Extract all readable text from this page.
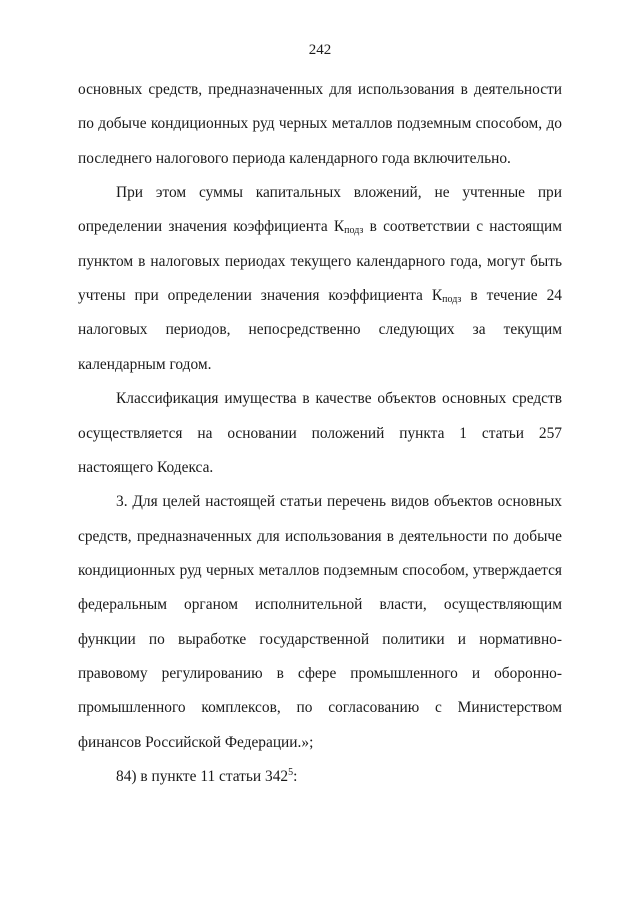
242

основных средств, предназначенных для использования в деятельности по добыче кондиционных руд черных металлов подземным способом, до последнего налогового периода календарного года включительно.

При этом суммы капитальных вложений, не учтенные при определении значения коэффициента $К_{подз}$ в соответствии с настоящим пунктом в налоговых периодах текущего календарного года, могут быть учтены при определении значения коэффициента $К_{подз}$ в течение 24 налоговых периодов, непосредственно следующих за текущим календарным годом.

Классификация имущества в качестве объектов основных средств осуществляется на основании положений пункта 1 статьи 257 настоящего Кодекса.

3. Для целей настоящей статьи перечень видов объектов основных средств, предназначенных для использования в деятельности по добыче кондиционных руд черных металлов подземным способом, утверждается федеральным органом исполнительной власти, осуществляющим функции по выработке государственной политики и нормативно-правовому регулированию в сфере промышленного и оборонно-промышленного комплексов, по согласованию с Министерством финансов Российской Федерации.»;

84) в пункте 11 статьи $342^5$:
